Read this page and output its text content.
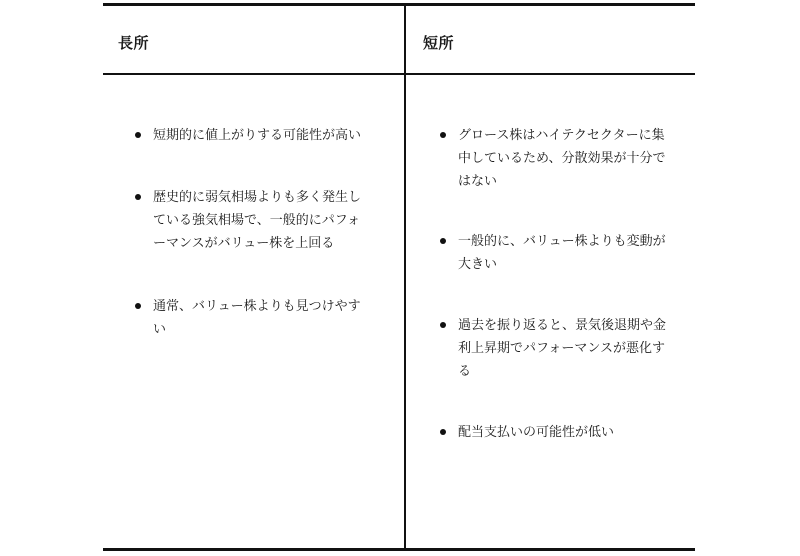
長所	短所
短期的に値上がりする可能性が高い
歴史的に弱気相場よりも多く発生している強気相場で、一般的にパフォーマンスがバリュー株を上回る
通常、バリュー株よりも見つけやすい
グロース株はハイテクセクターに集中しているため、分散効果が十分ではない
一般的に、バリュー株よりも変動が大きい
過去を振り返ると、景気後退期や金利上昇期でパフォーマンスが悪化する
配当支払いの可能性が低い
